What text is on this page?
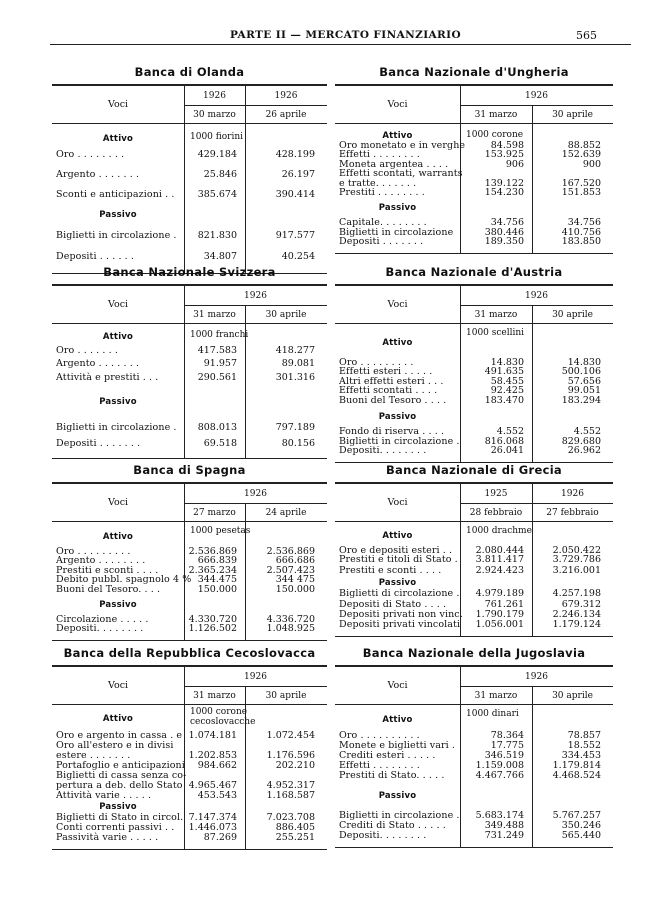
PARTE II — MERCATO FINANZIARIO	565
Banca di Olanda
Voci
1926	1926
30 marzo	26 aprile
Attivo	1000 fiorini
Oro . . . . . . . .	429.184	428.199
Argento . . . . . . .	25.846	26.197
Sconti e anticipazioni . .	385.674	390.414
Passivo
Biglietti in circolazione .	821.830	917.577
Depositi . . . . . .	34.807	40.254
Banca Nazionale d'Ungheria
Voci
1926
31 marzo	30 aprile
Attivo	1000 corone
Oro monetato e in verghe	84.598	88.852
Effetti . . . . . . . .	153.925	152.639
Moneta argentea . . . .	906	900
Effetti scontati, warrants
e tratte. . . . . . .	139.122	167.520
Prestiti . . . . . . . .	154.230	151.853
Passivo
Capitale. . . . . . . .	34.756	34.756
Biglietti in circolazione	380.446	410.756
Depositi . . . . . . .	189.350	183.850
Banca Nazionale Svizzera
Voci
1926
31 marzo	30 aprile
Attivo	1000 franchi
Oro . . . . . . .	417.583	418.277
Argento . . . . . . .	91.957	89.081
Attività e prestiti . . .	290.561	301.316
Passivo
Biglietti in circolazione .	808.013	797.189
Depositi . . . . . . .	69.518	80.156
Banca Nazionale d'Austria
Voci
1926
31 marzo	30 aprile
Attivo
1000 scellini
Oro . . . . . . . . .	14.830	14.830
Effetti esteri . . . . .	491.635	500.106
Altri effetti esteri . . .	58.455	57.656
Effetti scontati . . . .	92.425	99.051
Buoni del Tesoro . . . .	183.470	183.294
Passivo
Fondo di riserva . . . .	4.552	4.552
Biglietti in circolazione .	816.068	829.680
Depositi. . . . . . . .	26.041	26.962
Banca di Spagna
Voci
1926
27 marzo	24 aprile
Attivo
1000 pesetas
Oro . . . . . . . . .	2.536.869	2.536.869
Argento . . . . . . . .	666.839	666.686
Prestiti e sconti . . . .	2.365.234	2.507.423
Debito pubbl. spagnolo 4 % 344.475	344 475
Buoni del Tesoro. . . .	150.000	150.000
Passivo
Circolazione . . . . .	4.330.720	4.336.720
Depositi. . . . . . . .	1.126.502	1.048.925
Banca Nazionale di Grecia
Voci
1925	1926
28 febbraio	27 febbraio
Attivo	1000 drachme
Oro e depositi esteri . .	2.080.444	2.050.422
Prestiti e titoli di Stato .	3.811.417	3.729.786
Prestiti e sconti . . . .	2.924.423	3.216.001
Passivo
Biglietti di circolazione .	4.979.189	4.257.198
Depositi di Stato . . . .	761.261	679.312
Depositi privati non vinc.	1.790.179	2.246.134
Depositi privati vincolati	1.056.001	1.179.124
Banca della Repubblica Cecoslovacca
Voci
1926
31 marzo	30 aprile
Attivo
1000 corone
cecoslovacche
Oro e argento in cassa . e 1.074.181	1.072.454
Oro all'estero e in divisi
estere . . . . . . .	1.202.853	1.176.596
Portafoglio e anticipazioni	984.662	202.210
Biglietti di cassa senza co-
pertura a deb. dello Stato 4.965.467	4.952.317
Attività varie . . . . .	453.543	1.168.587
Passivo
Biglietti di Stato in circol. 7.147.374	7.023.708
Conti correnti passivi . .	1.446.073	886.405
Passività varie . . . . .	87.269	255.251
Banca Nazionale della Jugoslavia
Voci
1926
31 marzo	30 aprile
Attivo
1000 dinari
Oro . . . . . . . . . .	78.364	78.857
Monete e biglietti vari .	17.775	18.552
Crediti esteri . . . . .	346.519	334.453
Effetti . . . . . . . .	1.159.008	1.179.814
Prestiti di Stato. . . . .	4.467.766	4.468.524
Passivo
Biglietti in circolazione .	5.683.174	5.767.257
Crediti di Stato . . . . .	349.488	350.246
Depositi. . . . . . . .	731.249	565.440
